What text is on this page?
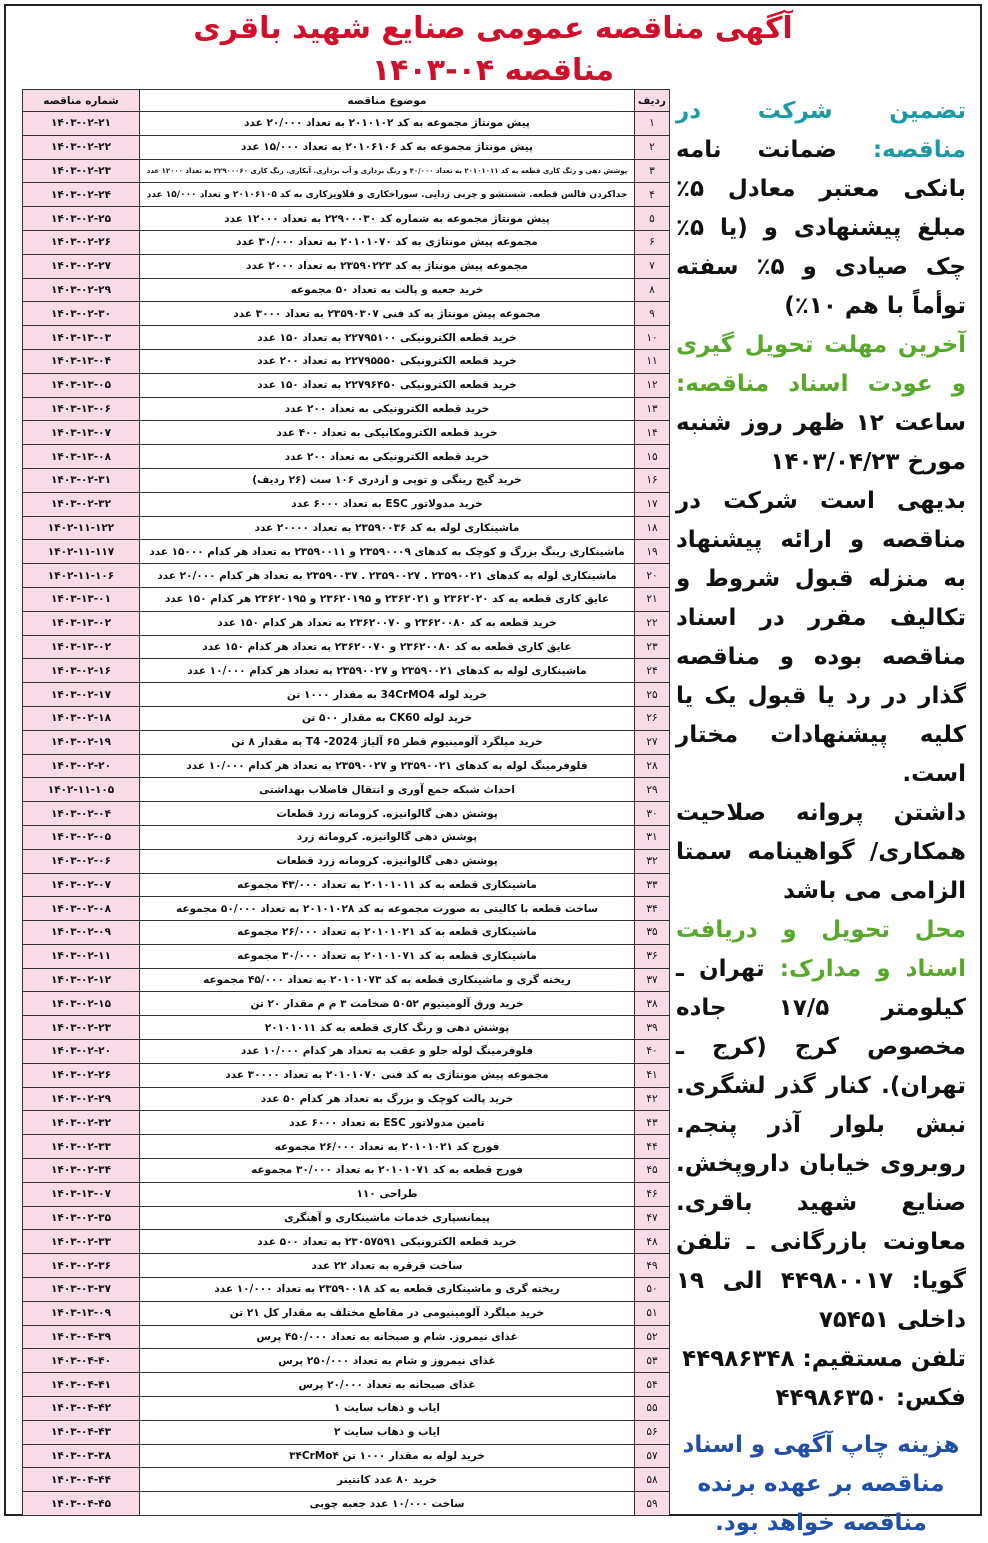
آگهی مناقصه عمومی صنایع شهید باقری
مناقصه ۰۴-۱۴۰۳
ردیف	موضوع مناقصه	شماره مناقصه
۱	پیش مونتاژ مجموعه به کد ۲۰۱۰۱۰۲ به تعداد ۲۰/۰۰۰ عدد	۱۴۰۳-۰۲-۲۱
۲	پیش مونتاژ مجموعه به کد ۲۰۱۰۶۱۰۶ به تعداد ۱۵/۰۰۰ عدد	۱۴۰۳-۰۲-۲۲
۳	پوشش دهی و رنگ کاری قطعه به کد ۲۰۱۰۱۰۱۱ به تعداد ۴۰/۰۰۰ و رنگ برداری و آب برداری. آبکاری. رنگ کاری ۲۲۹۰۰۰۶۰ به تعداد ۱۲۰۰۰ عدد	۱۴۰۳-۰۲-۲۳
۴	جداکردن فالس قطعه. شستشو و چربی زدایی. سوراخکاری و قلاویزکاری به کد ۲۰۱۰۶۱۰۵ و تعداد ۱۵/۰۰۰ عدد	۱۴۰۳-۰۲-۲۴
۵	پیش مونتاژ مجموعه به شماره کد ۲۲۹۰۰۰۳۰ به تعداد ۱۲۰۰۰ عدد	۱۴۰۳-۰۲-۲۵
۶	مجموعه پیش مونتاژی به کد ۲۰۱۰۱۰۷۰ به تعداد ۳۰/۰۰۰ عدد	۱۴۰۳-۰۲-۲۶
۷	مجموعه پیش مونتاژ به کد ۲۳۵۹۰۲۲۳ به تعداد ۲۰۰۰ عدد	۱۴۰۳-۰۲-۲۷
۸	خرید جعبه و پالت به تعداد ۵۰ مجموعه	۱۴۰۳-۰۲-۲۹
۹	مجموعه پیش مونتاژ به کد فنی ۲۳۵۹۰۳۰۷ به تعداد ۳۰۰۰ عدد	۱۴۰۳-۰۲-۳۰
۱۰	خرید قطعه الکترونیکی ۲۲۷۹۵۱۰۰ به تعداد ۱۵۰ عدد	۱۴۰۳-۱۳-۰۳
۱۱	خرید قطعه الکترونیکی ۲۲۷۹۵۵۵۰ به تعداد ۲۰۰ عدد	۱۴۰۳-۱۳-۰۴
۱۲	خرید قطعه الکترونیکی ۲۲۷۹۶۴۵۰ به تعداد ۱۵۰ عدد	۱۴۰۳-۱۳-۰۵
۱۳	خرید قطعه الکترونیکی به تعداد ۲۰۰ عدد	۱۴۰۳-۱۳-۰۶
۱۴	خرید قطعه الکترومکانیکی به تعداد ۴۰۰ عدد	۱۴۰۳-۱۳-۰۷
۱۵	خرید قطعه الکترونیکی به تعداد ۲۰۰ عدد	۱۴۰۳-۱۳-۰۸
۱۶	خرید گیج رینگی و توپی و ازدری ۱۰۶ ست (۲۶ ردیف)	۱۴۰۳-۰۲-۳۱
۱۷	خرید مدولاتور ESC به تعداد ۶۰۰۰ عدد	۱۴۰۳-۰۲-۳۲
۱۸	ماشینکاری لوله به کد ۲۳۵۹۰۰۳۶ به تعداد ۲۰۰۰۰ عدد	۱۴۰۲-۱۱-۱۲۲
۱۹	ماشینکاری رینگ بزرگ و کوچک به کدهای ۲۳۵۹۰۰۰۹ و ۲۳۵۹۰۰۱۱ به تعداد هر کدام ۱۵۰۰۰ عدد	۱۴۰۲-۱۱-۱۱۷
۲۰	ماشینکاری لوله به کدهای ۲۳۵۹۰۰۲۱ . ۲۳۵۹۰۰۲۷ . ۲۳۵۹۰۰۳۷ به تعداد هر کدام ۲۰/۰۰۰ عدد	۱۴۰۲-۱۱-۱۰۶
۲۱	عایق کاری قطعه به کد ۲۳۶۲۰۲۰ و ۲۳۶۲۰۲۱ و ۲۳۶۲۰۱۹۵ و ۲۳۶۲۰۱۹۵ هر کدام ۱۵۰ عدد	۱۴۰۳-۱۳-۰۱
۲۲	خرید قطعه به کد ۲۳۶۲۰۰۸۰ و ۲۳۶۲۰۰۷۰ به تعداد هر کدام ۱۵۰ عدد	۱۴۰۳-۱۳-۰۲
۲۳	عایق کاری قطعه به کد ۲۳۶۲۰۰۸۰ و ۲۳۶۲۰۰۷۰ به تعداد هر کدام ۱۵۰ عدد	۱۴۰۳-۱۳-۰۲
۲۴	ماشینکاری لوله به کدهای ۲۳۵۹۰۰۲۱ و ۲۳۵۹۰۰۲۷ به تعداد هر کدام ۱۰/۰۰۰ عدد	۱۴۰۳-۰۲-۱۶
۲۵	خرید لوله 34CrMO4 به مقدار ۱۰۰۰ تن	۱۴۰۳-۰۲-۱۷
۲۶	خرید لوله CK60 به مقدار ۵۰۰ تن	۱۴۰۳-۰۲-۱۸
۲۷	خرید میلگرد آلومینیوم قطر ۶۵ آلیاژ T4 -2024 به مقدار ۸ تن	۱۴۰۳-۰۲-۱۹
۲۸	فلوفرمینگ لوله به کدهای ۲۳۵۹۰۰۲۱ و ۲۳۵۹۰۰۲۷ به تعداد هر کدام ۱۰/۰۰۰ عدد	۱۴۰۳-۰۲-۲۰
۲۹	احداث شبکه جمع آوری و انتقال فاضلاب بهداشتی	۱۴۰۲-۱۱-۱۰۵
۳۰	پوشش دهی گالوانیزه. کرومانه زرد قطعات	۱۴۰۳-۰۲-۰۴
۳۱	پوشش دهی گالوانیزه. کرومانه زرد	۱۴۰۳-۰۲-۰۵
۳۲	پوشش دهی گالوانیزه. کرومانه زرد قطعات	۱۴۰۳-۰۲-۰۶
۳۳	ماشینکاری قطعه به کد ۲۰۱۰۱۰۱۱ به تعداد ۴۳/۰۰۰ مجموعه	۱۴۰۳-۰۲-۰۷
۳۴	ساخت قطعه با کالیتی به صورت مجموعه به کد ۲۰۱۰۱۰۲۸ به تعداد ۵۰/۰۰۰ مجموعه	۱۴۰۳-۰۲-۰۸
۳۵	ماشینکاری قطعه به کد ۲۰۱۰۱۰۲۱ به تعداد ۲۶/۰۰۰ مجموعه	۱۴۰۳-۰۲-۰۹
۳۶	ماشینکاری قطعه به کد ۲۰۱۰۱۰۷۱ به تعداد ۳۰/۰۰۰ مجموعه	۱۴۰۳-۰۲-۱۱
۳۷	ریخته گری و ماشینکاری قطعه به کد ۲۰۱۰۱۰۷۳ به تعداد ۴۵/۰۰۰ مجموعه	۱۴۰۳-۰۲-۱۲
۳۸	خرید ورق آلومینیوم ۵۰۵۲ ضخامت ۳ م م مقدار ۲۰ تن	۱۴۰۳-۰۲-۱۵
۳۹	پوشش دهی و رنگ کاری قطعه به کد ۲۰۱۰۱۰۱۱	۱۴۰۳-۰۲-۲۳
۴۰	فلوفرمینگ لوله جلو و عقب به تعداد هر کدام ۱۰/۰۰۰ عدد	۱۴۰۳-۰۲-۲۰
۴۱	مجموعه پیش مونتاژی به کد فنی ۲۰۱۰۱۰۷۰ به تعداد ۳۰۰۰۰ عدد	۱۴۰۳-۰۲-۲۶
۴۲	خرید پالت کوچک و بزرگ به تعداد هر کدام ۵۰ عدد	۱۴۰۳-۰۲-۲۹
۴۳	تامین مدولاتور ESC به تعداد ۶۰۰۰ عدد	۱۴۰۳-۰۲-۳۲
۴۴	فورج کد ۲۰۱۰۱۰۲۱ به تعداد ۲۶/۰۰۰ مجموعه	۱۴۰۳-۰۲-۳۳
۴۵	فورج قطعه به کد ۲۰۱۰۱۰۷۱ به تعداد ۳۰/۰۰۰ مجموعه	۱۴۰۳-۰۲-۳۴
۴۶	طراحی ۱۱۰	۱۴۰۳-۱۳-۰۷
۴۷	پیمانسپاری خدمات ماشینکاری و آهنگری	۱۴۰۳-۰۲-۳۵
۴۸	خرید قطعه الکترونیکی ۲۳۰۵۷۵۹۱ به تعداد ۵۰۰ عدد	۱۴۰۳-۰۲-۳۳
۴۹	ساخت قرقره به تعداد ۲۲ عدد	۱۴۰۳-۰۲-۳۶
۵۰	ریخته گری و ماشینکاری قطعه به کد ۲۳۵۹۰۰۱۸ به تعداد ۱۰/۰۰۰ عدد	۱۴۰۳-۰۳-۳۷
۵۱	خرید میلگرد آلومینیومی در مقاطع مختلف به مقدار کل ۲۱ تن	۱۴۰۳-۱۳-۰۹
۵۲	غذای نیمروز. شام و صبحانه به تعداد ۴۵۰/۰۰۰ پرس	۱۴۰۳-۰۴-۳۹
۵۳	غذای نیمروز و شام به تعداد ۲۵۰/۰۰۰ پرس	۱۴۰۳-۰۴-۴۰
۵۴	غذای صبحانه به تعداد ۲۰/۰۰۰ پرس	۱۴۰۳-۰۴-۴۱
۵۵	ایاب و ذهاب سایت ۱	۱۴۰۳-۰۴-۴۲
۵۶	ایاب و ذهاب سایت ۲	۱۴۰۳-۰۴-۴۳
۵۷	خرید لوله به مقدار ۱۰۰۰ تن ۳۴CrMo۴	۱۴۰۳-۰۳-۳۸
۵۸	خرید ۸۰ عدد کانتینر	۱۴۰۳-۰۴-۴۴
۵۹	ساخت ۱۰/۰۰۰ عدد جعبه چوبی	۱۴۰۳-۰۴-۴۵

تضمین شرکت در مناقصه: ضمانت نامه بانکی معتبر معادل ۵٪ مبلغ پیشنهادی و (یا ۵٪ چک صیادی و ۵٪ سفته توأماً با هم ۱۰٪)

آخرین مهلت تحویل گیری و عودت اسناد مناقصه: ساعت ۱۲ ظهر روز شنبه مورخ ۱۴۰۳/۰۴/۲۳

بدیهی است شرکت در مناقصه و ارائه پیشنهاد به منزله قبول شروط و تکالیف مقرر در اسناد مناقصه بوده و مناقصه گذار در رد یا قبول یک یا کلیه پیشنهادات مختار است.

داشتن پروانه صلاحیت همکاری/ گواهینامه سمتا الزامی می باشد

محل تحویل و دریافت اسناد و مدارک: تهران ـ کیلومتر ۱۷/۵ جاده مخصوص کرج (کرج ـ تهران). کنار گذر لشگری. نبش بلوار آذر پنجم. روبروی خیابان داروپخش. صنایع شهید باقری. معاونت بازرگانی ـ تلفن گویا: ۴۴۹۸۰۰۱۷ الی ۱۹ داخلی ۷۵۴۵۱

تلفن مستقیم: ۴۴۹۸۶۳۴۸

فکس: ۴۴۹۸۶۳۵۰

هزینه چاپ آگهی و اسناد مناقصه بر عهده برنده مناقصه خواهد بود.
